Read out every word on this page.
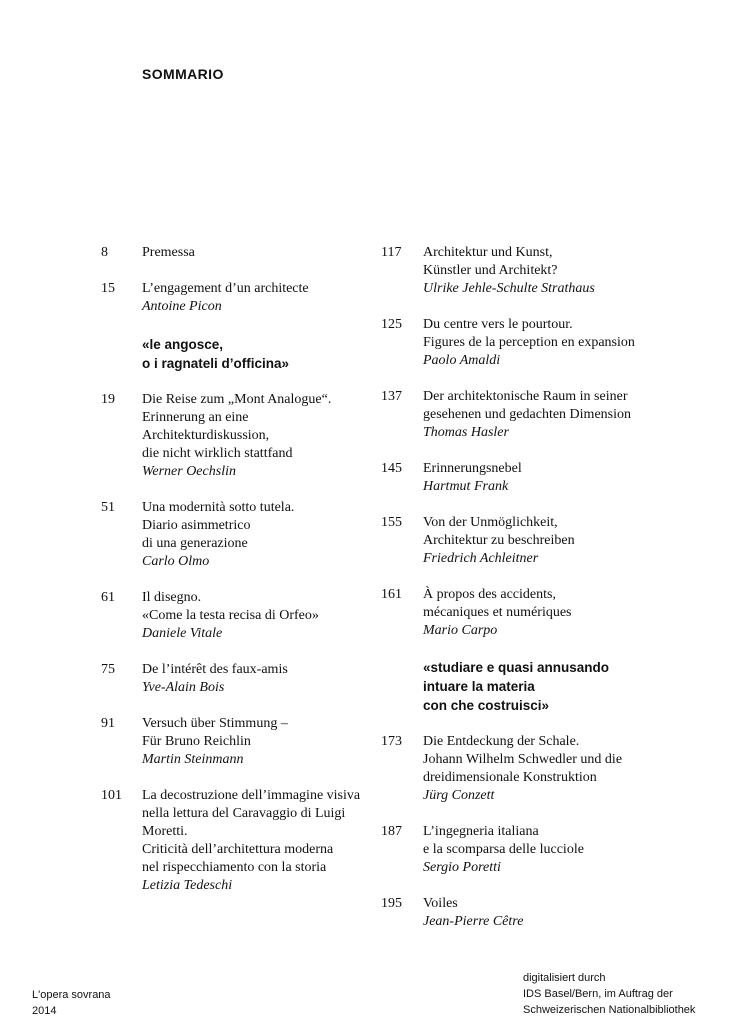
SOMMARIO
8 Premessa
15 L’engagement d’un architecte
Antoine Picon
«le angosce,
o i ragnateli d’officina»
19 Die Reise zum „Mont Analogue“.
Erinnerung an eine
Architekturdiskussion,
die nicht wirklich stattfand
Werner Oechslin
51 Una modernità sotto tutela.
Diario asimmetrico
di una generazione
Carlo Olmo
61 Il disegno.
«Come la testa recisa di Orfeo»
Daniele Vitale
75 De l’intérêt des faux-amis
Yve-Alain Bois
91 Versuch über Stimmung –
Für Bruno Reichlin
Martin Steinmann
101 La decostruzione dell’immagine visiva
nella lettura del Caravaggio di Luigi
Moretti.
Criticità dell’architettura moderna
nel rispecchiamento con la storia
Letizia Tedeschi
117 Architektur und Kunst,
Künstler und Architekt?
Ulrike Jehle-Schulte Strathaus
125 Du centre vers le pourtour.
Figures de la perception en expansion
Paolo Amaldi
137 Der architektonische Raum in seiner
gesehenen und gedachten Dimension
Thomas Hasler
145 Erinnerungsnebel
Hartmut Frank
155 Von der Unmöglichkeit,
Architektur zu beschreiben
Friedrich Achleitner
161 À propos des accidents,
mécaniques et numériques
Mario Carpo
«studiare e quasi annusando
intuare la materia
con che costruisci»
173 Die Entdeckung der Schale.
Johann Wilhelm Schwedler und die
dreidimensionale Konstruktion
Jürg Conzett
187 L’ingegneria italiana
e la scomparsa delle lucciole
Sergio Poretti
195 Voiles
Jean-Pierre Cêtre
L'opera sovrana
2014
digitalisiert durch
IDS Basel/Bern, im Auftrag der
Schweizerischen Nationalbibliothek
